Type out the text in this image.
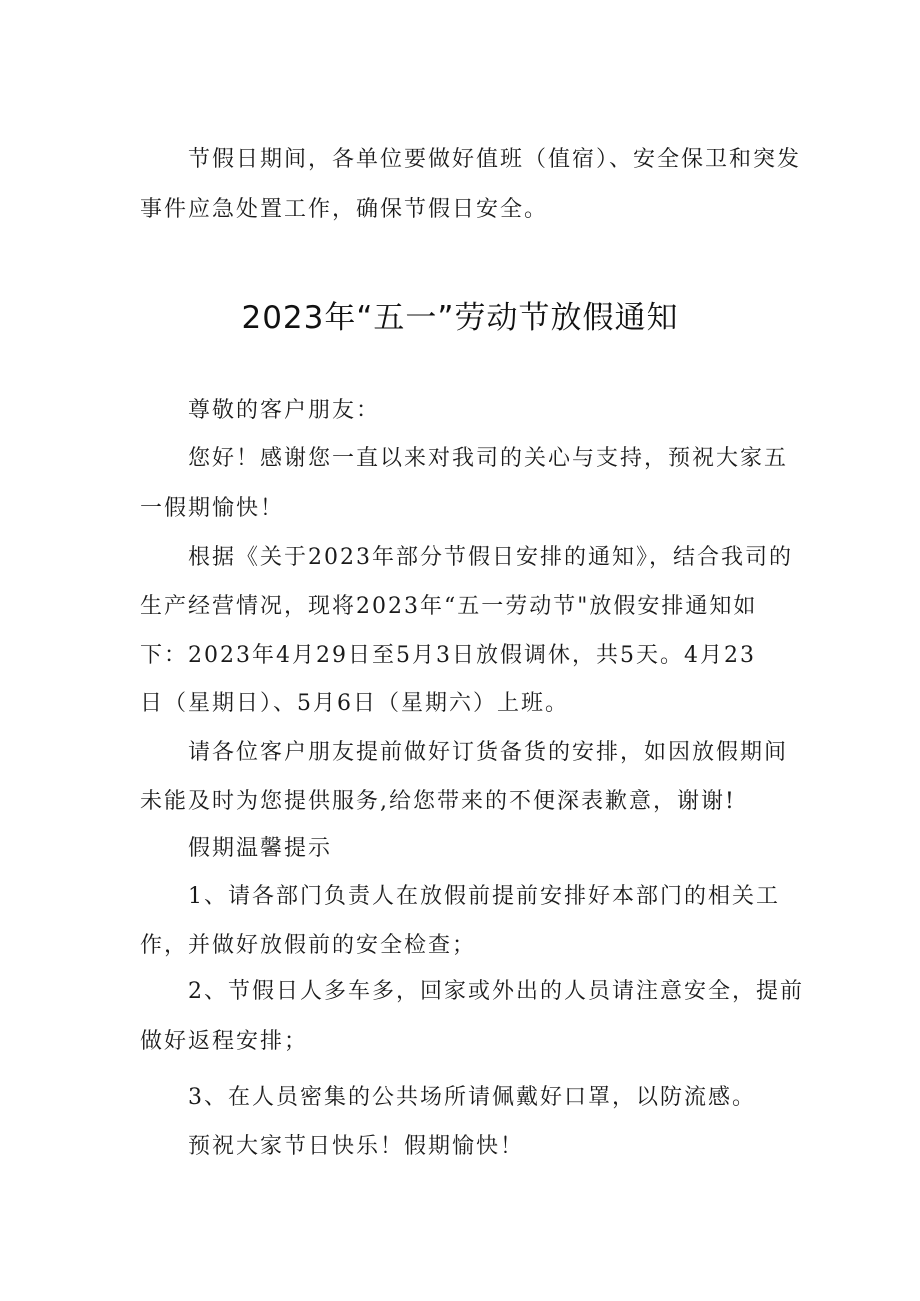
节假日期间，各单位要做好值班（值宿）、安全保卫和突发
事件应急处置工作，确保节假日安全。
2023年“五一”劳动节放假通知
尊敬的客户朋友：
您好！感谢您一直以来对我司的关心与支持，预祝大家五
一假期愉快！
根据《关于2023年部分节假日安排的通知》，结合我司的
生产经营情况，现将2023年“五一劳动节"放假安排通知如
下：2023年4月29日至5月3日放假调休，共5天。4月23
日（星期日）、5月6日（星期六）上班。
请各位客户朋友提前做好订货备货的安排，如因放假期间
未能及时为您提供服务,给您带来的不便深表歉意，谢谢!
假期温馨提示
1、请各部门负责人在放假前提前安排好本部门的相关工
作，并做好放假前的安全检查；
2、节假日人多车多，回家或外出的人员请注意安全，提前
做好返程安排；
3、在人员密集的公共场所请佩戴好口罩，以防流感。
预祝大家节日快乐！假期愉快！
